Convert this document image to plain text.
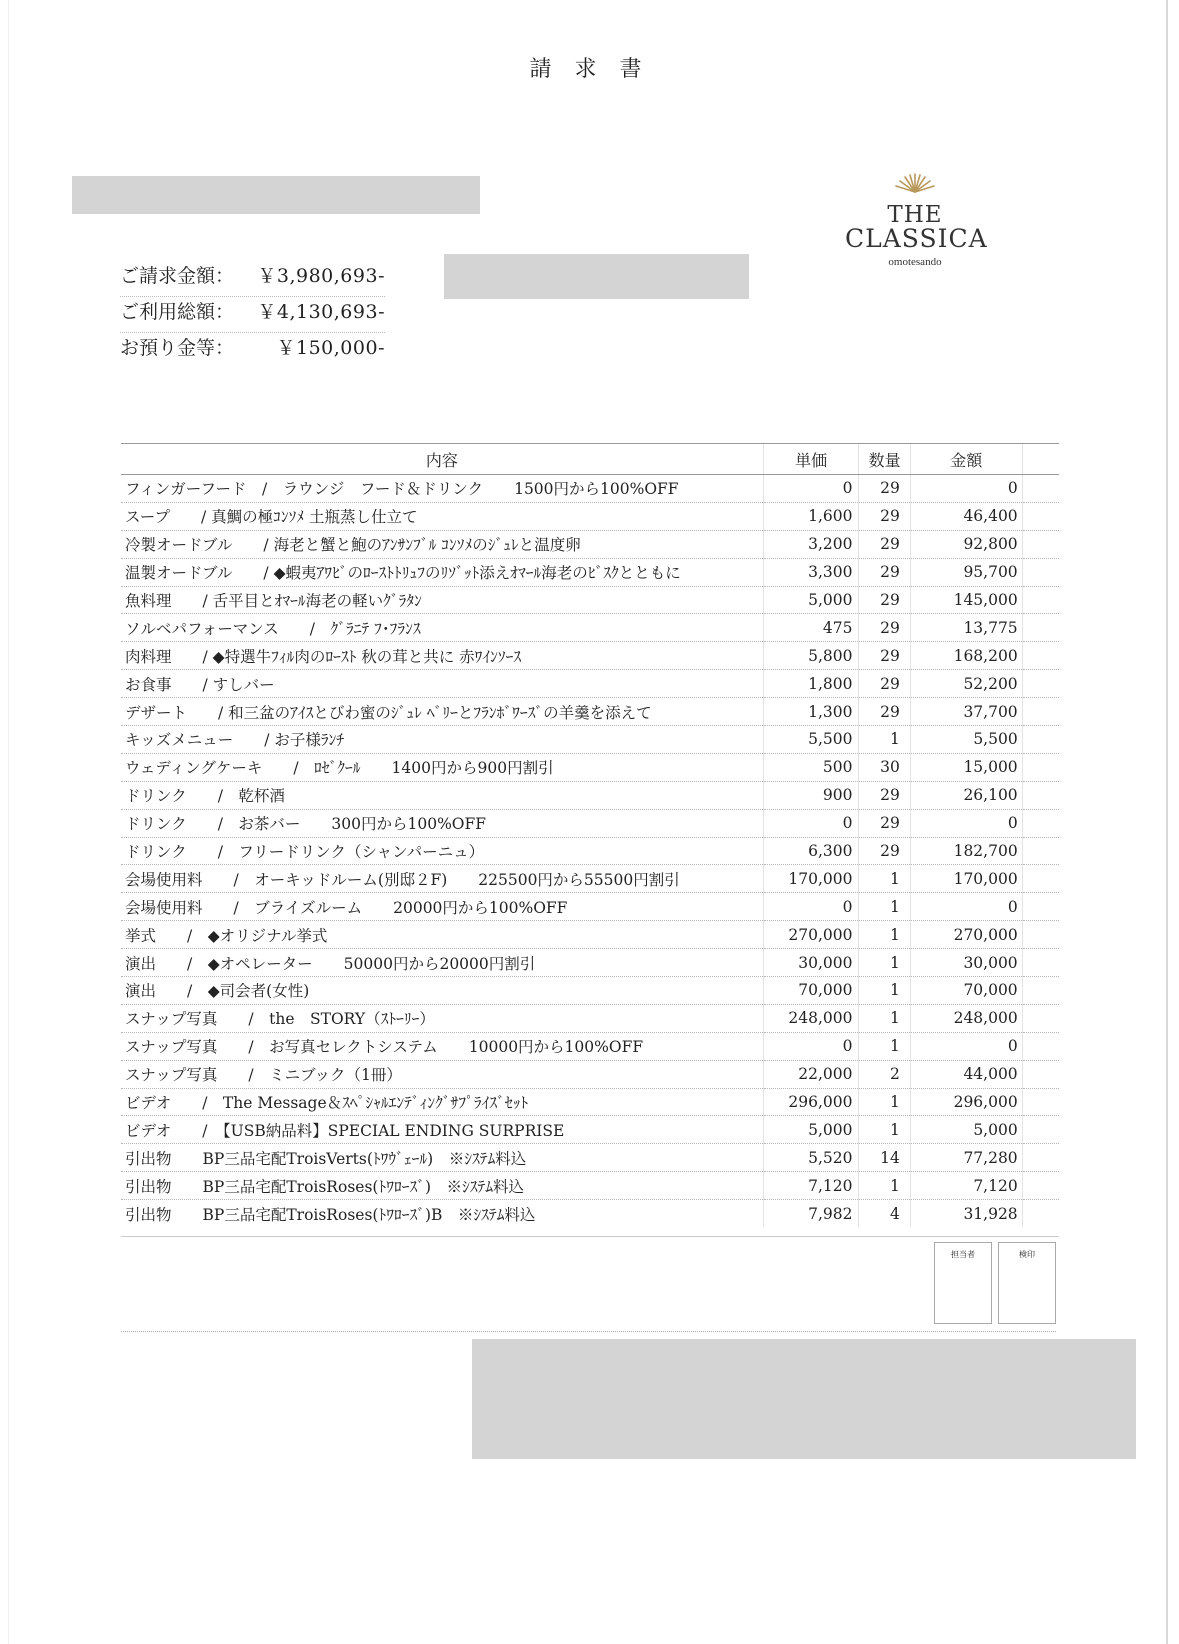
請 求 書
THE
CLASSICA
omotesando
ご請求金額： ￥3,980,693-
ご利用総額： ￥4,130,693-
お預り金等： ￥150,000-
内容	単価	数量	金額	
フィンガーフード　/　ラウンジ　フード＆ドリンク　　1500円から100%OFF	0	29	0	
スープ　　/ 真鯛の極ｺﾝｿﾒ 土瓶蒸し仕立て	1,600	29	46,400	
冷製オードブル　　/ 海老と蟹と鮑のｱﾝｻﾝﾌﾞﾙ ｺﾝｿﾒのｼﾞｭﾚと温度卵	3,200	29	92,800	
温製オードブル　　/ ◆蝦夷ｱﾜﾋﾞのﾛｰｽﾄﾄﾘｭﾌのﾘｿﾞｯﾄ添えｵﾏｰﾙ海老のﾋﾞｽｸとともに	3,300	29	95,700	
魚料理　　/ 舌平目とｵﾏｰﾙ海老の軽いｸﾞﾗﾀﾝ	5,000	29	145,000	
ソルベパフォーマンス　　/　ｸﾞﾗﾆﾃ ﾌ･ﾌﾗﾝｽ	475	29	13,775	
肉料理　　/ ◆特選牛ﾌｨﾙ肉のﾛｰｽﾄ 秋の茸と共に 赤ﾜｲﾝｿｰｽ	5,800	29	168,200	
お食事　　/ すしバー	1,800	29	52,200	
デザート　　/ 和三盆のｱｲｽとびわ蜜のｼﾞｭﾚ ﾍﾞﾘｰとﾌﾗﾝﾎﾞﾜｰｽﾞの羊羹を添えて	1,300	29	37,700	
キッズメニュー　　/ お子様ﾗﾝﾁ	5,500	1	5,500	
ウェディングケーキ　　/　ﾛｾﾞｸｰﾙ　　1400円から900円割引	500	30	15,000	
ドリンク　　/　乾杯酒	900	29	26,100	
ドリンク　　/　お茶バー　　300円から100%OFF	0	29	0	
ドリンク　　/　フリードリンク（シャンパーニュ）	6,300	29	182,700	
会場使用料　　/　オーキッドルーム(別邸２F)　　225500円から55500円割引	170,000	1	170,000	
会場使用料　　/　ブライズルーム　　20000円から100%OFF	0	1	0	
挙式　　/　◆オリジナル挙式	270,000	1	270,000	
演出　　/　◆オペレーター　　50000円から20000円割引	30,000	1	30,000	
演出　　/　◆司会者(女性)	70,000	1	70,000	
スナップ写真　　/　the　STORY（ｽﾄｰﾘｰ）	248,000	1	248,000	
スナップ写真　　/　お写真セレクトシステム　　10000円から100%OFF	0	1	0	
スナップ写真　　/　ミニブック（1冊）	22,000	2	44,000	
ビデオ　　/　The Message＆ｽﾍﾟｼｬﾙｴﾝﾃﾞｨﾝｸﾞｻﾌﾟﾗｲｽﾞｾｯﾄ	296,000	1	296,000	
ビデオ　　/　【USB納品料】SPECIAL ENDING SURPRISE	5,000	1	5,000	
引出物　　BP三品宅配TroisVerts(ﾄﾜｳﾞｪｰﾙ)　※ｼｽﾃﾑ料込	5,520	14	77,280	
引出物　　BP三品宅配TroisRoses(ﾄﾜﾛｰｽﾞ)　※ｼｽﾃﾑ料込	7,120	1	7,120	
引出物　　BP三品宅配TroisRoses(ﾄﾜﾛｰｽﾞ)B　※ｼｽﾃﾑ料込	7,982	4	31,928	
担当者	検印
